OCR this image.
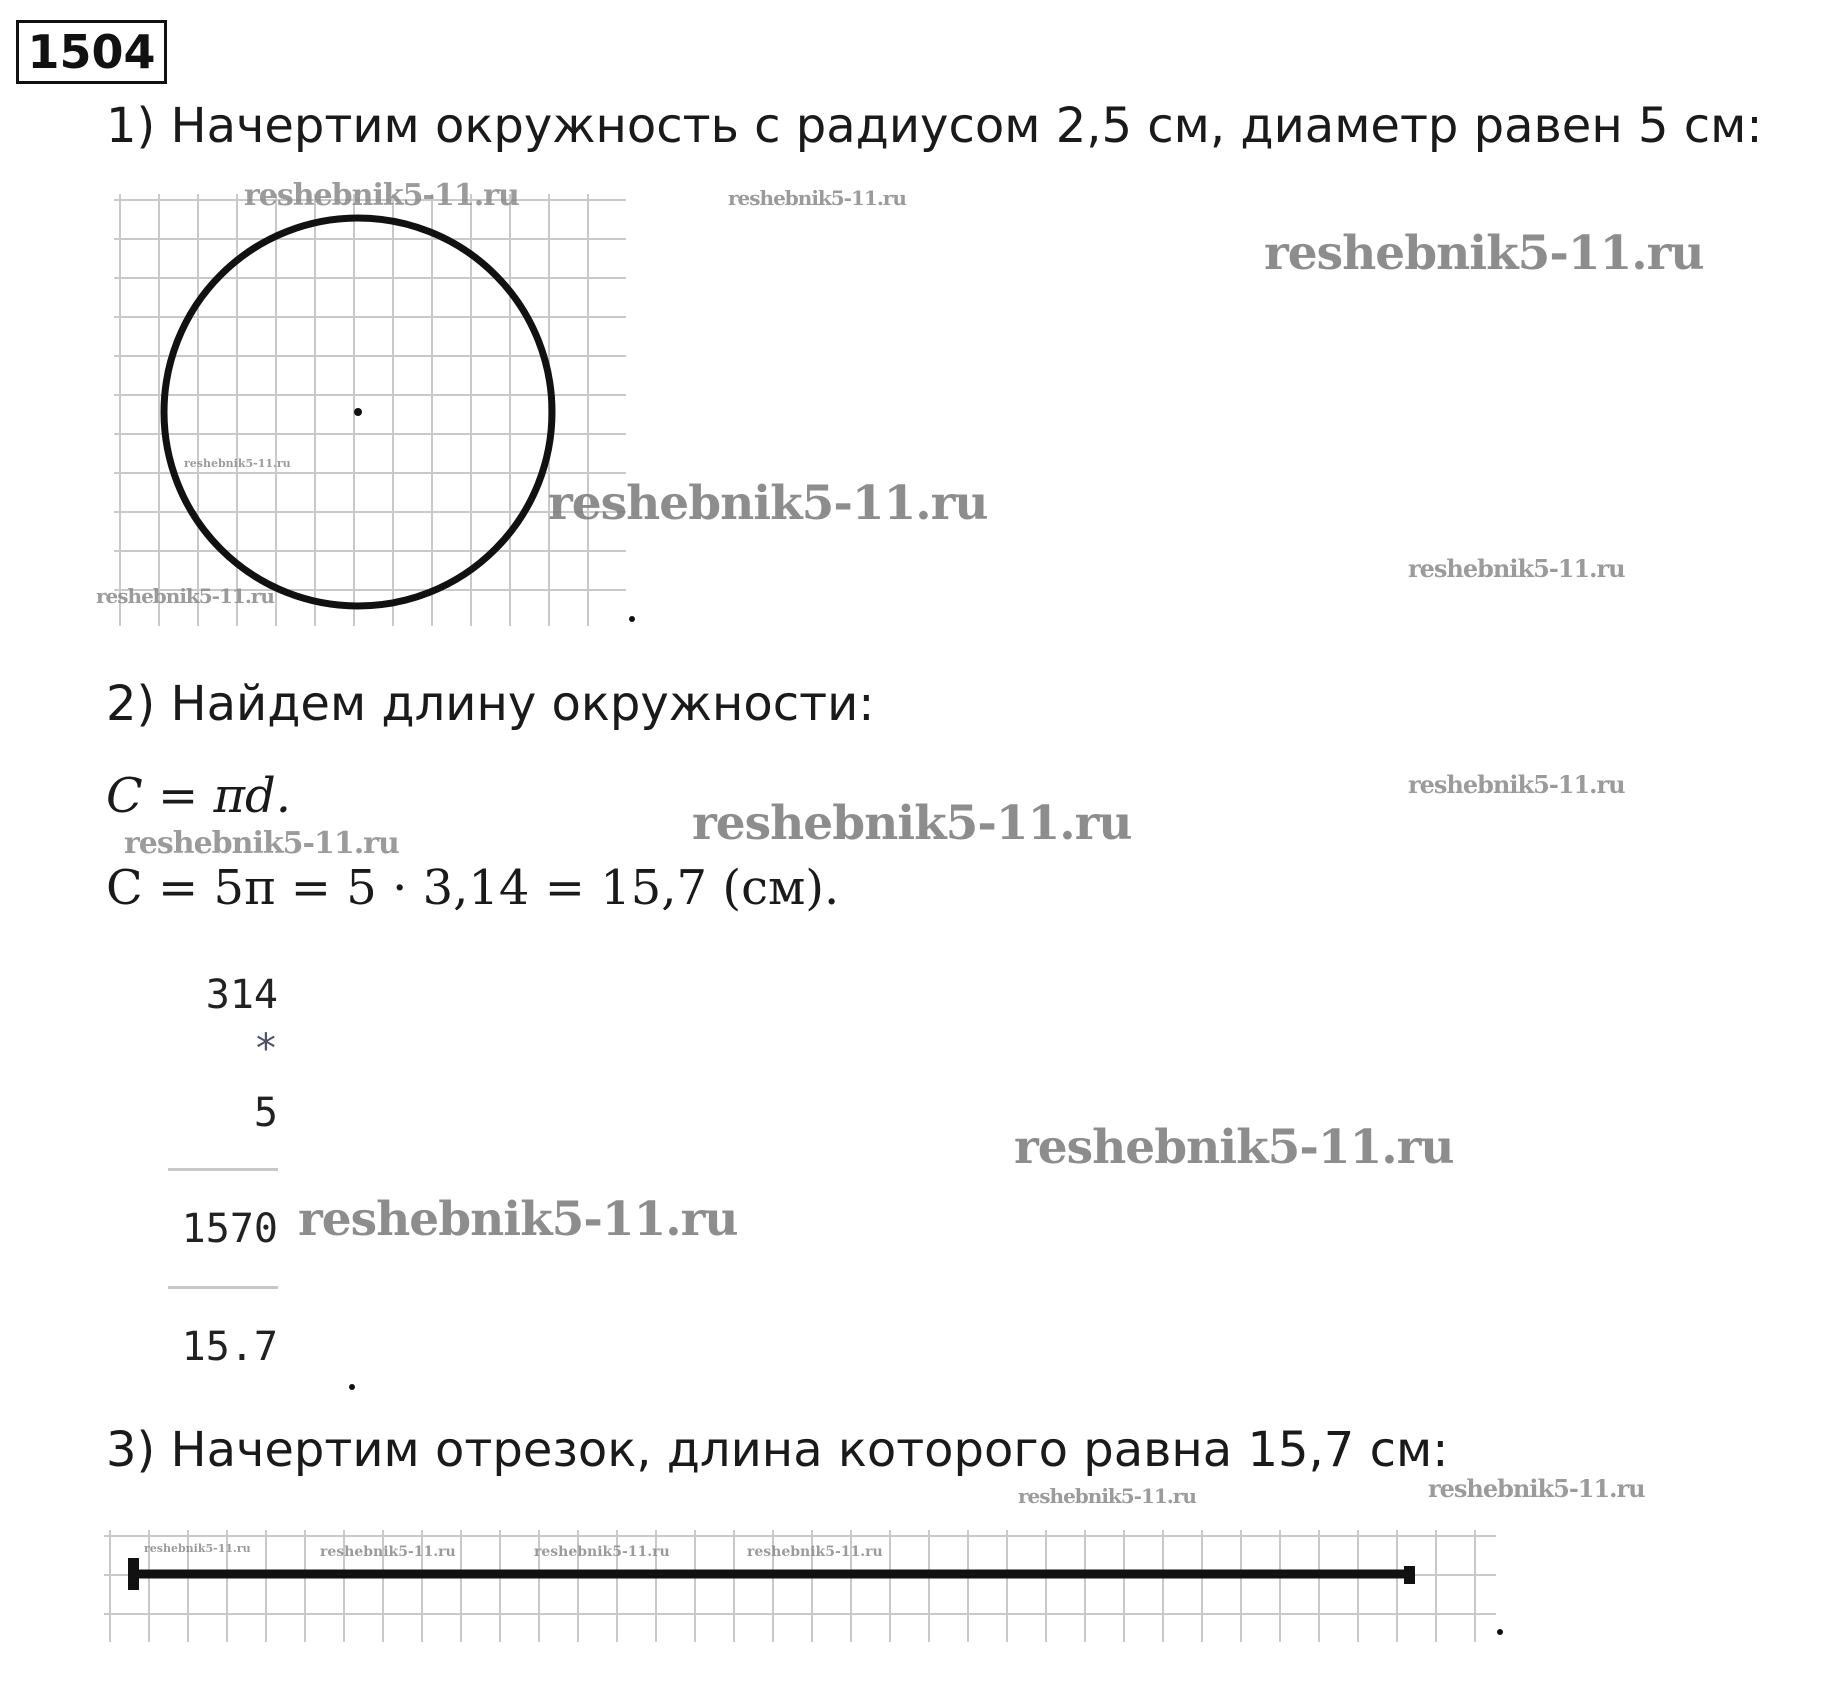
1504
1) Начертим окружность с радиусом 2,5 см, диаметр равен 5 см:
2) Найдем длину окружности:
C = πd.
C = 5π = 5 · 3,14 = 15,7 (см).
314
*
5
1570
15.7
3) Начертим отрезок, длина которого равна 15,7 см:
reshebnik5-11.ru	reshebnik5-11.ru
reshebnik5-11.ru
reshebnik5-11.ru
reshebnik5-11.ru
reshebnik5-11.ru
reshebnik5-11.ru
reshebnik5-11.ru
reshebnik5-11.ru
reshebnik5-11.ru
reshebnik5-11.ru
reshebnik5-11.ru
reshebnik5-11.ru	reshebnik5-11.ru
reshebnik5-11.ru	reshebnik5-11.ru	reshebnik5-11.ru	reshebnik5-11.ru
